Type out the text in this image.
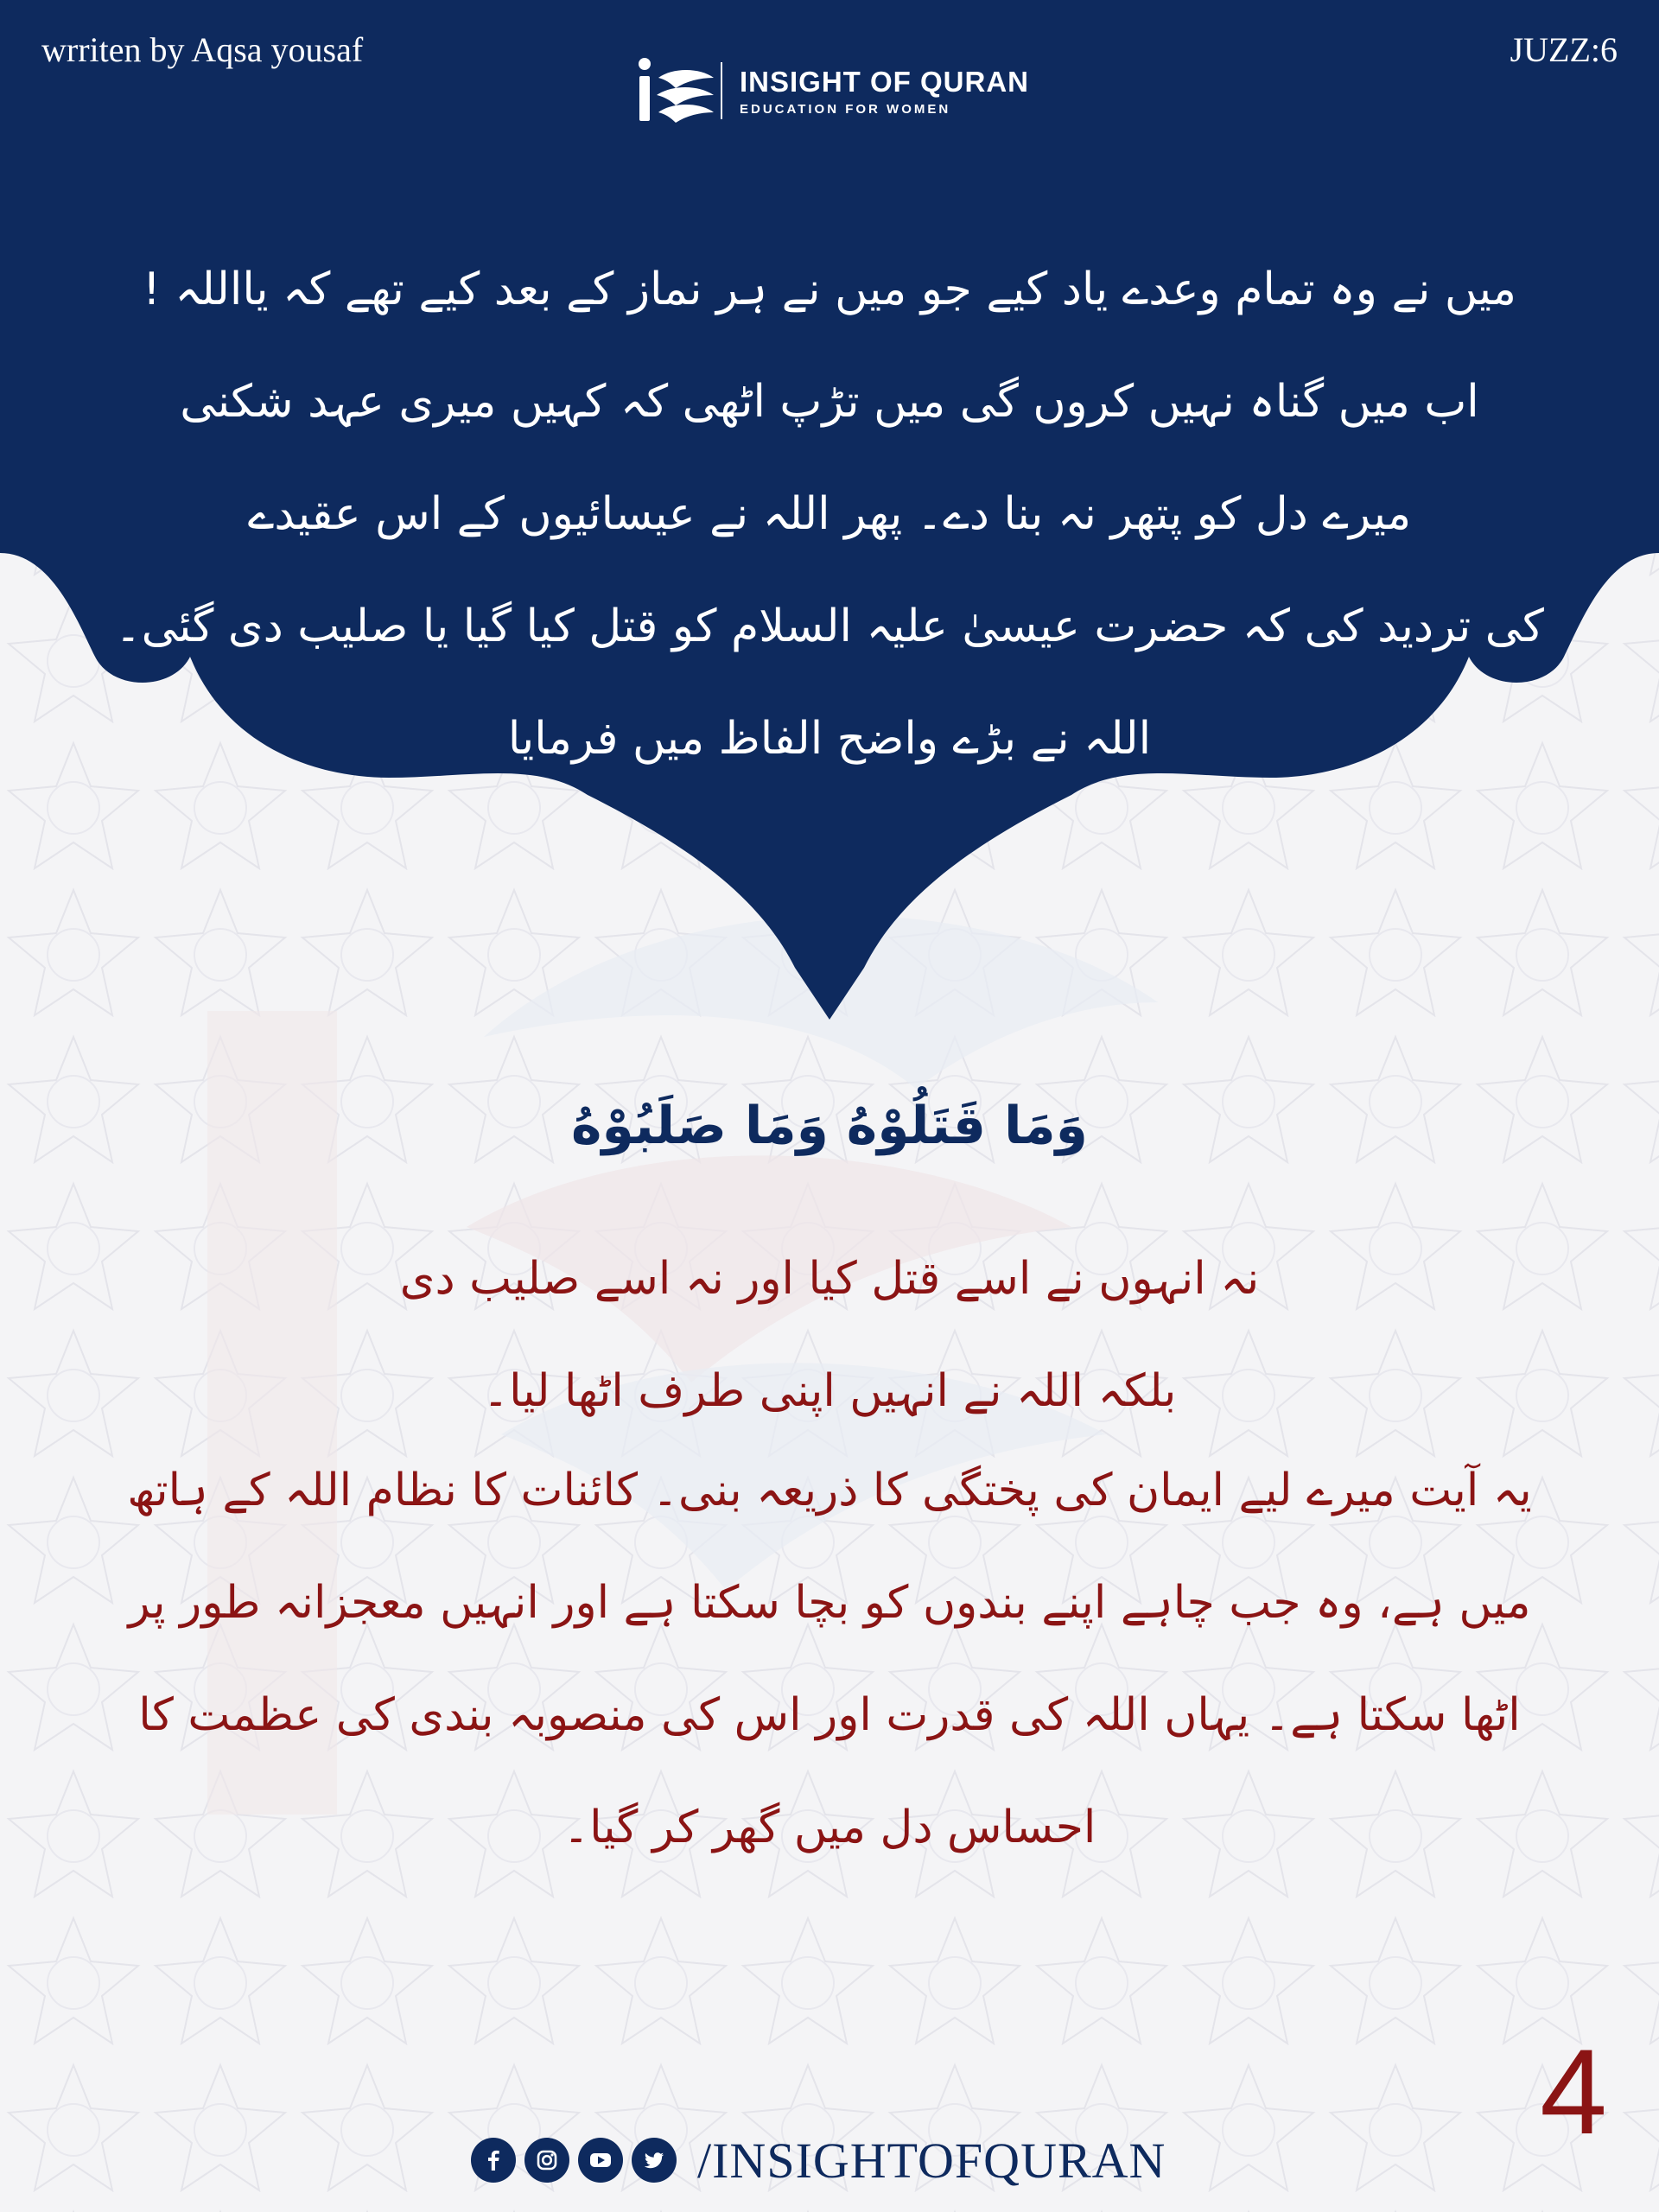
wrriten by Aqsa yousaf	JUZZ:6
INSIGHT OF QURAN
EDUCATION FOR WOMEN
میں نے وہ تمام وعدے یاد کیے جو میں نے ہر نماز کے بعد کیے تھے کہ یااللہ !
اب میں گناہ نہیں کروں گی میں تڑپ اٹھی کہ کہیں میری عہد شکنی
میرے دل کو پتھر نہ بنا دے۔ پھر اللہ نے عیسائیوں کے اس عقیدے
کی تردید کی کہ حضرت عیسیٰ علیہ السلام کو قتل کیا گیا یا صلیب دی گئی۔
اللہ نے بڑے واضح الفاظ میں فرمایا
وَمَا قَتَلُوْهُ وَمَا صَلَبُوْهُ
نہ انہوں نے اسے قتل کیا اور نہ اسے صلیب دی
بلکہ اللہ نے انہیں اپنی طرف اٹھا لیا۔
یہ آیت میرے لیے ایمان کی پختگی کا ذریعہ بنی۔ کائنات کا نظام اللہ کے ہاتھ
میں ہے، وہ جب چاہے اپنے بندوں کو بچا سکتا ہے اور انہیں معجزانہ طور پر
اٹھا سکتا ہے۔ یہاں اللہ کی قدرت اور اس کی منصوبہ بندی کی عظمت کا
احساس دل میں گھر کر گیا۔
4
/INSIGHTOFQURAN
